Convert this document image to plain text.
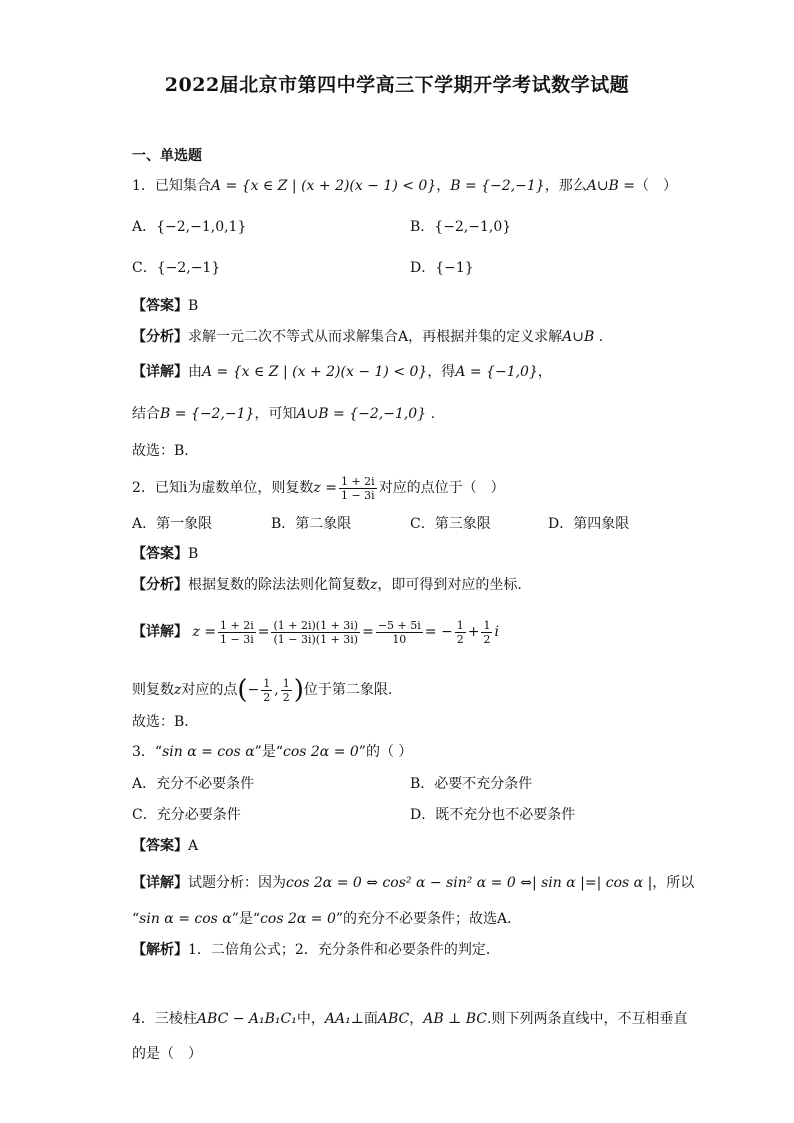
2022届北京市第四中学高三下学期开学考试数学试题
一、单选题
1．已知集合A = {x ∈ Z | (x + 2)(x − 1) < 0}，B = {−2,−1}，那么A∪B =（　）
A．{−2,−1,0,1}	B．{−2,−1,0}
C．{−2,−1}	D．{−1}
【答案】B
【分析】求解一元二次不等式从而求解集合A，再根据并集的定义求解A∪B .
【详解】由A = {x ∈ Z | (x + 2)(x − 1) < 0}，得A = {−1,0}，
结合B = {−2,−1}，可知A∪B = {−2,−1,0} .
故选：B.
2．已知i为虚数单位，则复数$z = \frac{1 + 2i}{1 - 3i}$ 对应的点位于（　）
A．第一象限	B．第二象限	C．第三象限	D．第四象限
【答案】B
【分析】根据复数的除法法则化简复数z，即可得到对应的坐标.
【详解】 $z = \frac{1 + 2i}{1 - 3i} = \frac{(1 + 2i)(1 + 3i)}{(1 - 3i)(1 + 3i)} = \frac{-5 + 5i}{10}$ = − $\frac{1}{2} + \frac{1}{2}$ i
则复数z对应的点(− $\frac{1}{2}$ , $\frac{1}{2}$ )位于第二象限.
故选：B．
3．“sin α = cos α”是“cos 2α = 0”的（ ）
A．充分不必要条件	B．必要不充分条件
C．充分必要条件	D．既不充分也不必要条件
【答案】A
【详解】试题分析：因为cos 2α = 0 ⇔ cos² α − sin² α = 0 ⇔| sin α |=| cos α |，所以
“sin α = cos α”是“cos 2α = 0”的充分不必要条件；故选A．
【解析】1．二倍角公式；2．充分条件和必要条件的判定．
4．三棱柱ABC − A₁B₁C₁中，AA₁⊥面ABC，AB ⊥ BC.则下列两条直线中，不互相垂直
的是（　）
